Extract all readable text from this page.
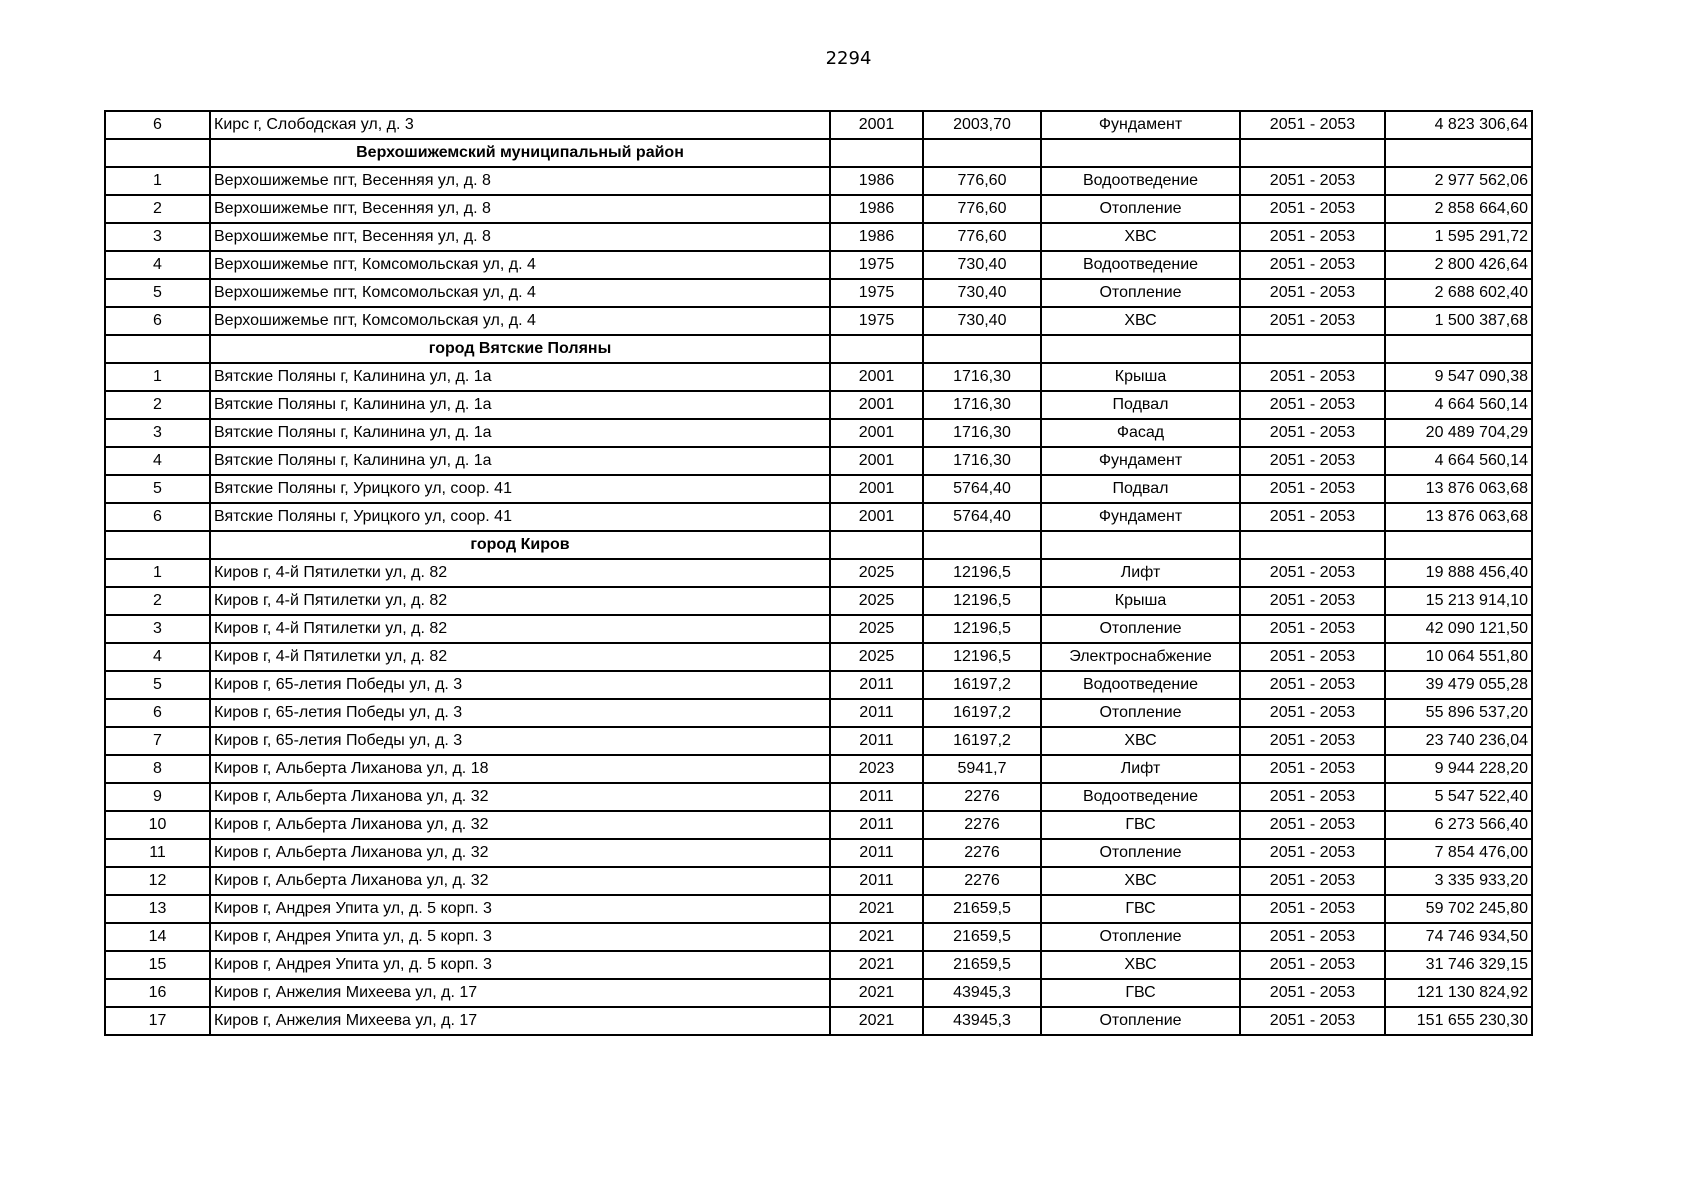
2294
6	Кирс г, Слободская ул, д. 3	2001	2003,70	Фундамент	2051 - 2053	4 823 306,64
	Верхошижемский муниципальный район					
1	Верхошижемье пгт, Весенняя ул, д. 8	1986	776,60	Водоотведение	2051 - 2053	2 977 562,06
2	Верхошижемье пгт, Весенняя ул, д. 8	1986	776,60	Отопление	2051 - 2053	2 858 664,60
3	Верхошижемье пгт, Весенняя ул, д. 8	1986	776,60	ХВС	2051 - 2053	1 595 291,72
4	Верхошижемье пгт, Комсомольская ул, д. 4	1975	730,40	Водоотведение	2051 - 2053	2 800 426,64
5	Верхошижемье пгт, Комсомольская ул, д. 4	1975	730,40	Отопление	2051 - 2053	2 688 602,40
6	Верхошижемье пгт, Комсомольская ул, д. 4	1975	730,40	ХВС	2051 - 2053	1 500 387,68
	город Вятские Поляны					
1	Вятские Поляны г, Калинина ул, д. 1а	2001	1716,30	Крыша	2051 - 2053	9 547 090,38
2	Вятские Поляны г, Калинина ул, д. 1а	2001	1716,30	Подвал	2051 - 2053	4 664 560,14
3	Вятские Поляны г, Калинина ул, д. 1а	2001	1716,30	Фасад	2051 - 2053	20 489 704,29
4	Вятские Поляны г, Калинина ул, д. 1а	2001	1716,30	Фундамент	2051 - 2053	4 664 560,14
5	Вятские Поляны г, Урицкого ул, соор. 41	2001	5764,40	Подвал	2051 - 2053	13 876 063,68
6	Вятские Поляны г, Урицкого ул, соор. 41	2001	5764,40	Фундамент	2051 - 2053	13 876 063,68
	город Киров					
1	Киров г, 4-й Пятилетки ул, д. 82	2025	12196,5	Лифт	2051 - 2053	19 888 456,40
2	Киров г, 4-й Пятилетки ул, д. 82	2025	12196,5	Крыша	2051 - 2053	15 213 914,10
3	Киров г, 4-й Пятилетки ул, д. 82	2025	12196,5	Отопление	2051 - 2053	42 090 121,50
4	Киров г, 4-й Пятилетки ул, д. 82	2025	12196,5	Электроснабжение	2051 - 2053	10 064 551,80
5	Киров г, 65-летия Победы ул, д. 3	2011	16197,2	Водоотведение	2051 - 2053	39 479 055,28
6	Киров г, 65-летия Победы ул, д. 3	2011	16197,2	Отопление	2051 - 2053	55 896 537,20
7	Киров г, 65-летия Победы ул, д. 3	2011	16197,2	ХВС	2051 - 2053	23 740 236,04
8	Киров г, Альберта Лиханова ул, д. 18	2023	5941,7	Лифт	2051 - 2053	9 944 228,20
9	Киров г, Альберта Лиханова ул, д. 32	2011	2276	Водоотведение	2051 - 2053	5 547 522,40
10	Киров г, Альберта Лиханова ул, д. 32	2011	2276	ГВС	2051 - 2053	6 273 566,40
11	Киров г, Альберта Лиханова ул, д. 32	2011	2276	Отопление	2051 - 2053	7 854 476,00
12	Киров г, Альберта Лиханова ул, д. 32	2011	2276	ХВС	2051 - 2053	3 335 933,20
13	Киров г, Андрея Упита ул, д. 5 корп. 3	2021	21659,5	ГВС	2051 - 2053	59 702 245,80
14	Киров г, Андрея Упита ул, д. 5 корп. 3	2021	21659,5	Отопление	2051 - 2053	74 746 934,50
15	Киров г, Андрея Упита ул, д. 5 корп. 3	2021	21659,5	ХВС	2051 - 2053	31 746 329,15
16	Киров г, Анжелия Михеева ул, д. 17	2021	43945,3	ГВС	2051 - 2053	121 130 824,92
17	Киров г, Анжелия Михеева ул, д. 17	2021	43945,3	Отопление	2051 - 2053	151 655 230,30
